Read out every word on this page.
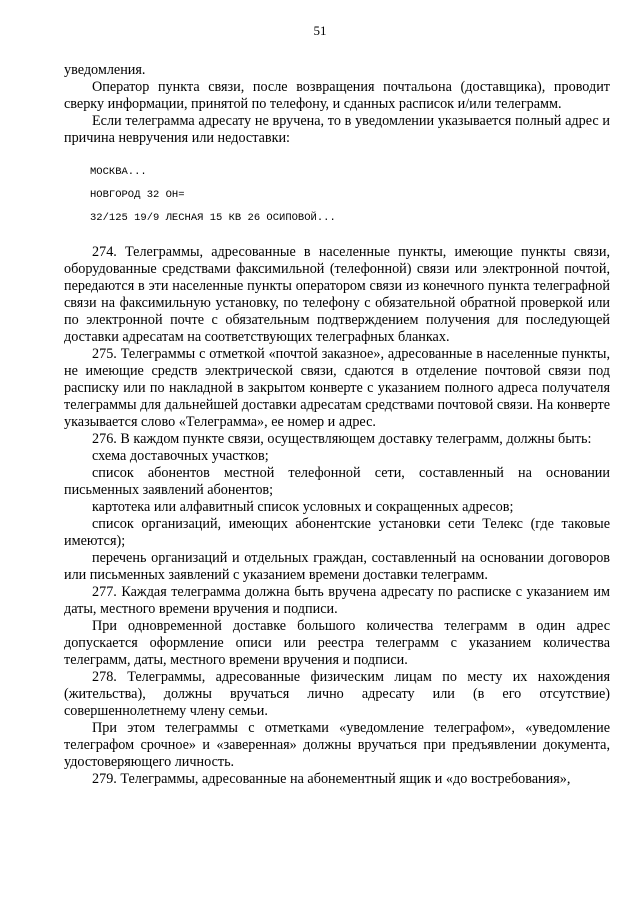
51

уведомления.

Оператор пункта связи, после возвращения почтальона (доставщика), проводит сверку информации, принятой по телефону, и сданных расписок и/или телеграмм.

Если телеграмма адресату не вручена, то в уведомлении указывается полный адрес и причина невручения или недоставки:

МОСКВА...

НОВГОРОД 32 ОН=

32/125 19/9 ЛЕСНАЯ 15 КВ 26 ОСИПОВОЙ...

274. Телеграммы, адресованные в населенные пункты, имеющие пункты связи, оборудованные средствами факсимильной (телефонной) связи или электронной почтой, передаются в эти населенные пункты оператором связи из конечного пункта телеграфной связи на факсимильную установку, по телефону с обязательной обратной проверкой или по электронной почте с обязательным подтверждением получения для последующей доставки адресатам на соответствующих телеграфных бланках.

275. Телеграммы с отметкой «почтой заказное», адресованные в населенные пункты, не имеющие средств электрической связи, сдаются в отделение почтовой связи под расписку или по накладной в закрытом конверте с указанием полного адреса получателя телеграммы для дальнейшей доставки адресатам средствами почтовой связи. На конверте указывается слово «Телеграмма», ее номер и адрес.

276. В каждом пункте связи, осуществляющем доставку телеграмм, должны быть:

схема доставочных участков;

список абонентов местной телефонной сети, составленный на основании письменных заявлений абонентов;

картотека или алфавитный список условных и сокращенных адресов;

список организаций, имеющих абонентские установки сети Телекс (где таковые имеются);

перечень организаций и отдельных граждан, составленный на основании договоров или письменных заявлений с указанием времени доставки телеграмм.

277. Каждая телеграмма должна быть вручена адресату по расписке с указанием им даты, местного времени вручения и подписи.

При одновременной доставке большого количества телеграмм в один адрес допускается оформление описи или реестра телеграмм с указанием количества телеграмм, даты, местного времени вручения и подписи.

278. Телеграммы, адресованные физическим лицам по месту их нахождения (жительства), должны вручаться лично адресату или (в его отсутствие) совершеннолетнему члену семьи.

При этом телеграммы с отметками «уведомление телеграфом», «уведомление телеграфом срочное» и «заверенная» должны вручаться при предъявлении документа, удостоверяющего личность.

279. Телеграммы, адресованные на абонементный ящик и «до востребования»,
